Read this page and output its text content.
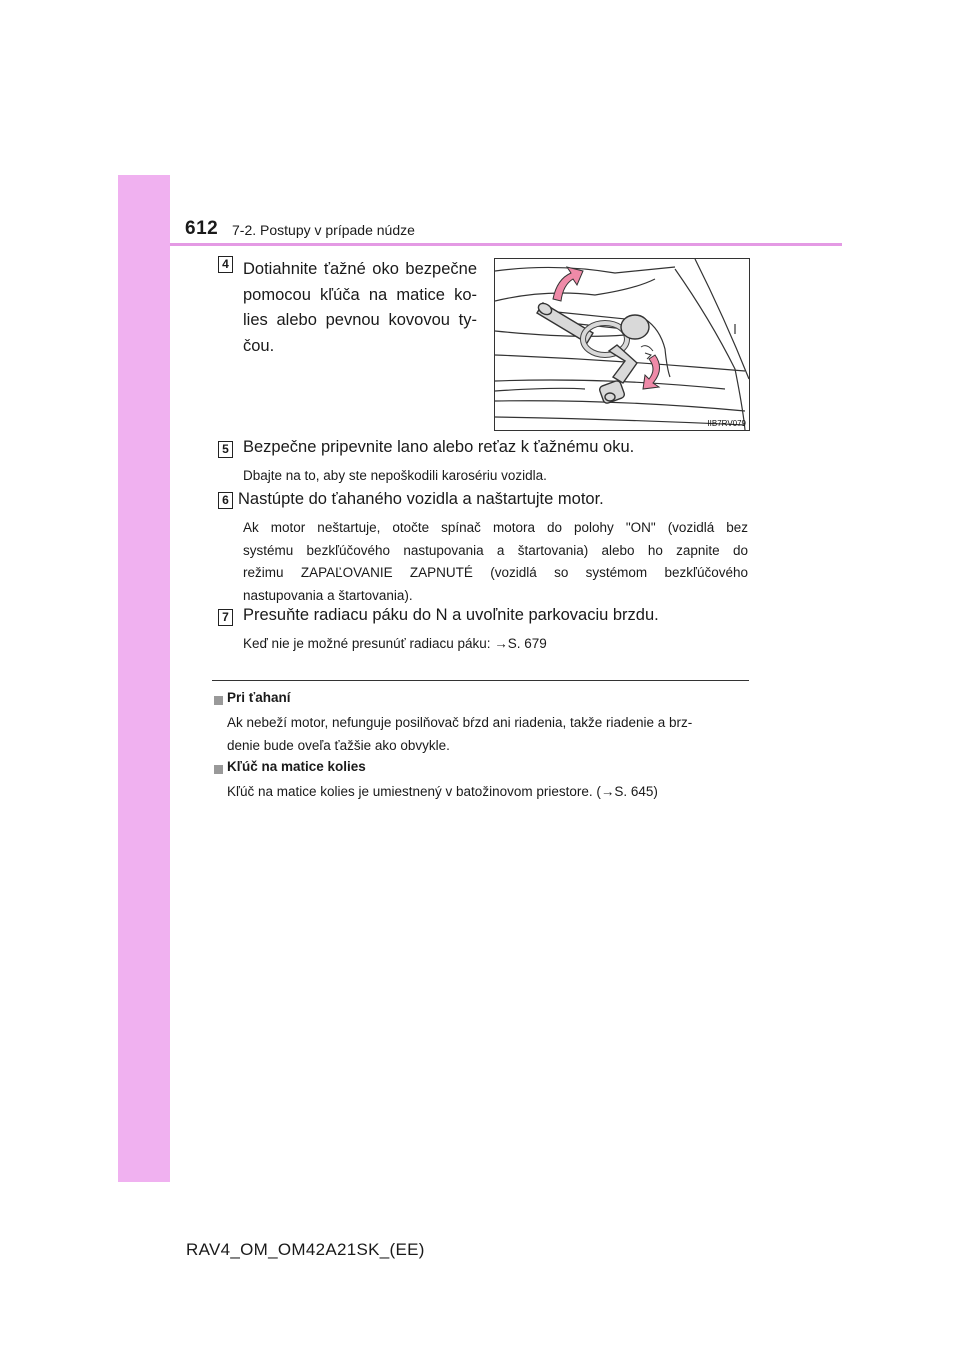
612 7-2. Postupy v prípade núdze
4 Dotiahnite ťažné oko bezpečne pomocou kľúča na matice ko-lies alebo pevnou kovovou ty-čou.
IIB7RV079
5 Bezpečne pripevnite lano alebo reťaz k ťažnému oku.
Dbajte na to, aby ste nepoškodili karosériu vozidla.
6 Nastúpte do ťahaného vozidla a naštartujte motor.
Ak motor neštartuje, otočte spínač motora do polohy "ON" (vozidlá bez
systému bezkľúčového nastupovania a štartovania) alebo ho zapnite do
režimu ZAPAĽOVANIE ZAPNUTÉ (vozidlá so systémom bezkľúčového
nastupovania a štartovania).
7 Presuňte radiacu páku do N a uvoľnite parkovaciu brzdu.
Keď nie je možné presunúť radiacu páku: →S. 679
Pri ťahaní
Ak nebeží motor, nefunguje posilňovač bŕzd ani riadenia, takže riadenie a brz-
denie bude oveľa ťažšie ako obvykle.
Kľúč na matice kolies
Kľúč na matice kolies je umiestnený v batožinovom priestore. (→S. 645)
RAV4_OM_OM42A21SK_(EE)
